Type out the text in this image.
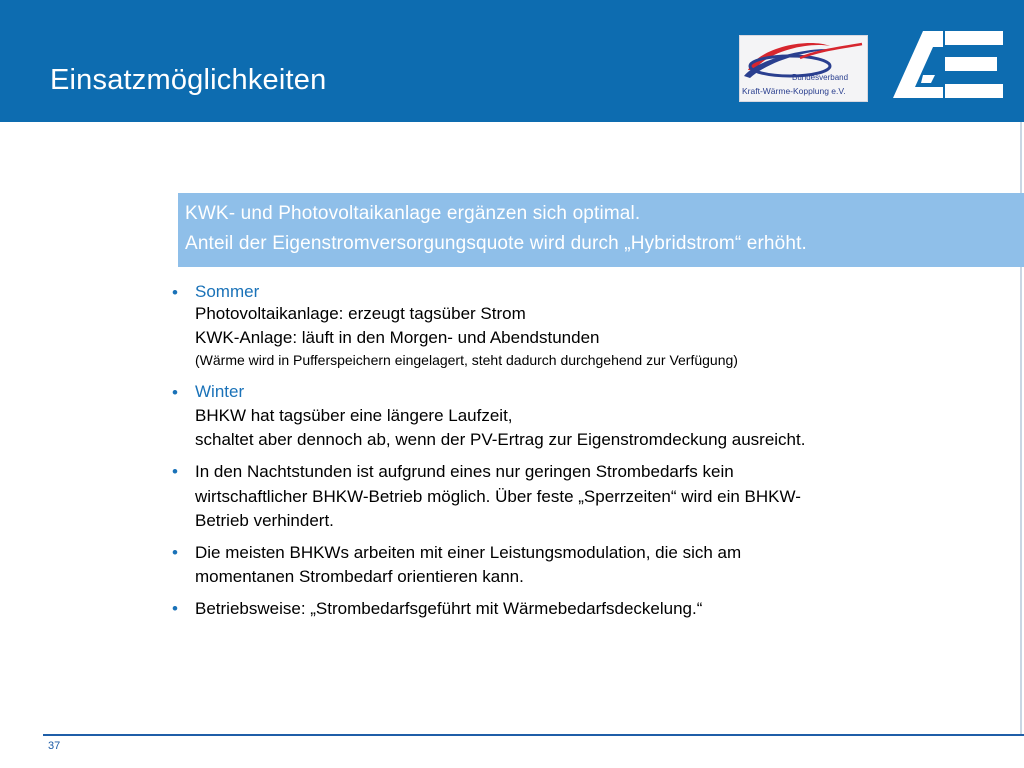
Einsatzmöglichkeiten	Bundesverband
Kraft-Wärme-Kopplung e.V.
KWK- und Photovoltaikanlage ergänzen sich optimal.
Anteil der Eigenstromversorgungsquote wird durch „Hybridstrom“ erhöht.
• Sommer
Photovoltaikanlage: erzeugt tagsüber Strom
KWK-Anlage: läuft in den Morgen- und Abendstunden
(Wärme wird in Pufferspeichern eingelagert, steht dadurch durchgehend zur Verfügung)
• Winter
BHKW hat tagsüber eine längere Laufzeit,
schaltet aber dennoch ab, wenn der PV-Ertrag zur Eigenstromdeckung ausreicht.
• In den Nachtstunden ist aufgrund eines nur geringen Strombedarfs kein
wirtschaftlicher BHKW-Betrieb möglich. Über feste „Sperrzeiten“ wird ein BHKW-
Betrieb verhindert.
• Die meisten BHKWs arbeiten mit einer Leistungsmodulation, die sich am
momentanen Strombedarf orientieren kann.
• Betriebsweise: „Strombedarfsgeführt mit Wärmebedarfsdeckelung.“
37
